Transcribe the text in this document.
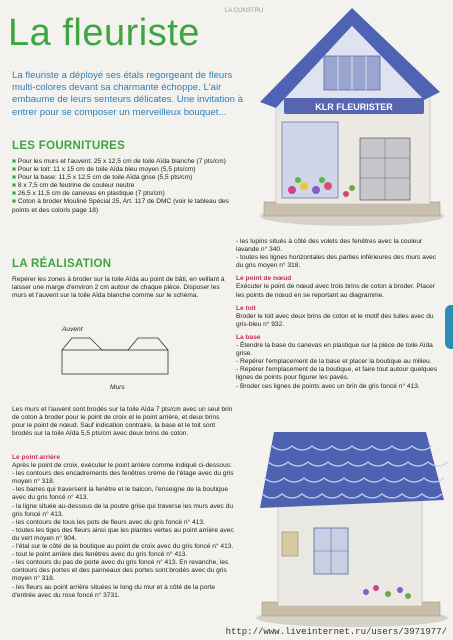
La fleuriste
LA CONSTRU
La fleuriste a déployé ses étals regorgeant de fleurs multi-colores devant sa charmante échoppe. L'air embaume de leurs senteurs délicates. Une invitation à entrer pour se composer un merveilleux bouquet...
LES FOURNITURES

■ Pour les murs et l'auvent: 25 x 12,5 cm de toile Aïda blanche (7 pts/cm)

■ Pour le toit: 11 x 15 cm de toile Aïda bleu moyen (5,5 pts/cm)

■ Pour la base: 11,5 x 12,5 cm de toile Aïda grise (5,5 pts/cm)

■ 8 x 7,5 cm de feutrine de couleur neutre

■ 26,5 x 11,5 cm de canevas en plastique (7 pts/cm)

■ Coton à broder Mouliné Spécial 25, Art. 117 de DMC (voir le tableau des points et des coloris page 18)

LA RÉALISATION
Repérer les zones à broder sur la toile Aïda au point de bâti, en veillant à laisser une marge d'environ 2 cm autour de chaque pièce. Disposer les murs et l'auvent sur la toile Aïda blanche comme sur le schéma.
Auvent
Murs
Les murs et l'auvent sont brodés sur la toile Aïda 7 pts/cm avec un seul brin de coton à broder pour le point de croix et le point arrière, et deux brins pour le point de nœud. Sauf indication contraire, la base et le toit sont brodés sur la toile Aïda 5,5 pts/cm avec deux brins de coton.

Le point arrière

Après le point de croix, exécuter le point arrière comme indiqué ci-dessous:

- les contours des encadrements des fenêtres crème de l'étage avec du gris moyen n° 318.

- les barres qui traversent la fenêtre et le balcon, l'enseigne de la boutique avec du gris foncé n° 413.

- la ligne située au-dessous de la poutre grise qui traverse les murs avec du gris foncé n° 413.

- les contours de tous les pots de fleurs avec du gris foncé n° 413.

- toutes les tiges des fleurs ainsi que les plantes vertes au point arrière avec du vert moyen n° 904.

- l'étal sur le côté de la boutique au point de croix avec du gris foncé n° 413.

- tout le point arrière des fenêtres avec du gris foncé n° 413.

- les contours du pas de porte avec du gris foncé n° 413. En revanche, les contours des portes et des panneaux des portes sont brodés avec du gris moyen n° 318.

- les fleurs au point arrière situées le long du mur et à côté de la porte d'entrée avec du rose foncé n° 3731.

- les lupins situés à côté des volets des fenêtres avec la couleur lavande n° 340.

- toutes les lignes horizontales des parties inférieures des murs avec du gris moyen n° 318.

Le point de nœud

Exécuter le point de nœud avec trois brins de coton à broder. Placer les points de nœud en se reportant au diagramme.

Le toit

Broder le toit avec deux brins de coton et le motif des tuiles avec du gris-bleu n° 932.

La base

- Étendre la base du canevas en plastique sur la pièce de toile Aïda grise.

- Repérer l'emplacement de la base et placer la boutique au milieu.

- Repérer l'emplacement de la boutique, et faire tout autour quelques lignes de points pour figurer les pavés.

- Broder ces lignes de points avec un brin de gris foncé n° 413.

KLR FLEURISTER
http://www.liveinternet.ru/users/3971977/
